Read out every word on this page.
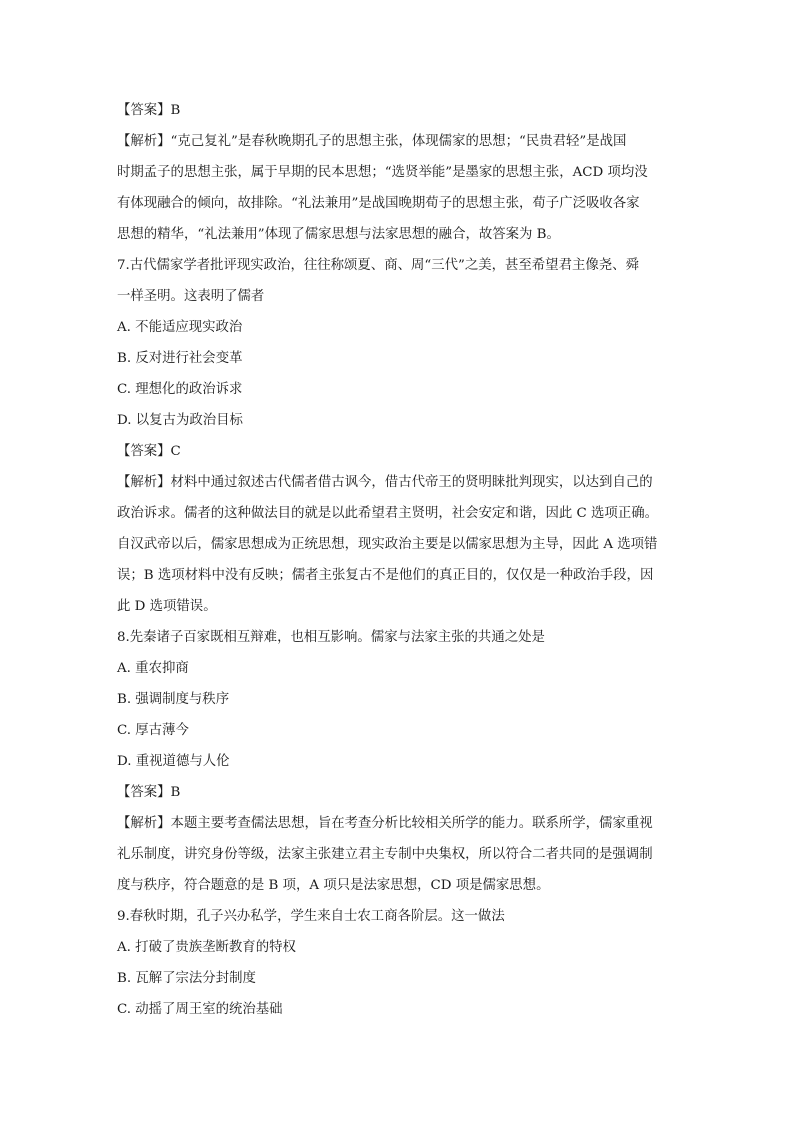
【答案】B

【解析】“克己复礼”是春秋晚期孔子的思想主张，体现儒家的思想；“民贵君轻”是战国

时期孟子的思想主张，属于早期的民本思想；“选贤举能”是墨家的思想主张，ACD 项均没

有体现融合的倾向，故排除。“礼法兼用”是战国晚期荀子的思想主张，荀子广泛吸收各家

思想的精华，“礼法兼用”体现了儒家思想与法家思想的融合，故答案为 B。

7.古代儒家学者批评现实政治，往往称颂夏、商、周“三代”之美，甚至希望君主像尧、舜

一样圣明。这表明了儒者

A. 不能适应现实政治

B. 反对进行社会变革

C. 理想化的政治诉求

D. 以复古为政治目标

【答案】C

【解析】材料中通过叙述古代儒者借古讽今，借古代帝王的贤明睐批判现实，以达到自己的

政治诉求。儒者的这种做法目的就是以此希望君主贤明，社会安定和谐，因此 C 选项正确。

自汉武帝以后，儒家思想成为正统思想，现实政治主要是以儒家思想为主导，因此 A 选项错

误；B 选项材料中没有反映；儒者主张复古不是他们的真正目的，仅仅是一种政治手段，因

此 D 选项错误。

8.先秦诸子百家既相互辩难，也相互影响。儒家与法家主张的共通之处是

A. 重农抑商

B. 强调制度与秩序

C. 厚古薄今

D. 重视道德与人伦

【答案】B

【解析】本题主要考查儒法思想，旨在考查分析比较相关所学的能力。联系所学，儒家重视

礼乐制度，讲究身份等级，法家主张建立君主专制中央集权，所以符合二者共同的是强调制

度与秩序，符合题意的是 B 项，A 项只是法家思想，CD 项是儒家思想。

9.春秋时期，孔子兴办私学，学生来自士农工商各阶层。这一做法

A. 打破了贵族垄断教育的特权

B. 瓦解了宗法分封制度

C. 动摇了周王室的统治基础
